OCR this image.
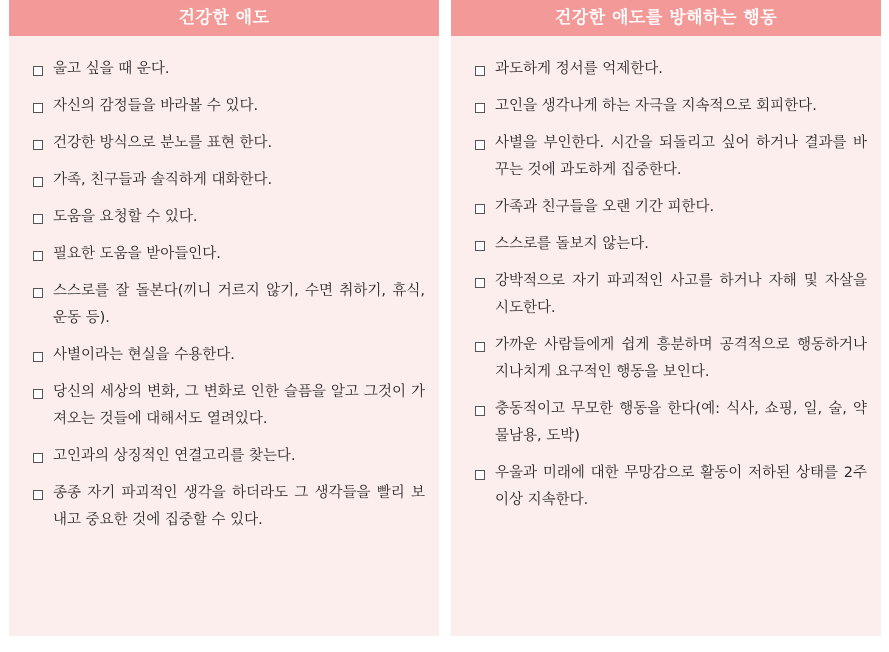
건강한 애도
울고 싶을 때 운다.
자신의 감정들을 바라볼 수 있다.
건강한 방식으로 분노를 표현 한다.
가족, 친구들과 솔직하게 대화한다.
도움을 요청할 수 있다.
필요한 도움을 받아들인다.
스스로를 잘 돌본다(끼니 거르지 않기, 수면 취하기, 휴식, 운동 등).
사별이라는 현실을 수용한다.
당신의 세상의 변화, 그 변화로 인한 슬픔을 알고 그것이 가져오는 것들에 대해서도 열려있다.
고인과의 상징적인 연결고리를 찾는다.
종종 자기 파괴적인 생각을 하더라도 그 생각들을 빨리 보내고 중요한 것에 집중할 수 있다.
건강한 애도를 방해하는 행동
과도하게 정서를 억제한다.
고인을 생각나게 하는 자극을 지속적으로 회피한다.
사별을 부인한다. 시간을 되돌리고 싶어 하거나 결과를 바꾸는 것에 과도하게 집중한다.
가족과 친구들을 오랜 기간 피한다.
스스로를 돌보지 않는다.
강박적으로 자기 파괴적인 사고를 하거나 자해 및 자살을 시도한다.
가까운 사람들에게 쉽게 흥분하며 공격적으로 행동하거나 지나치게 요구적인 행동을 보인다.
충동적이고 무모한 행동을 한다(예: 식사, 쇼핑, 일, 술, 약물남용, 도박)
우울과 미래에 대한 무망감으로 활동이 저하된 상태를 2주 이상 지속한다.
